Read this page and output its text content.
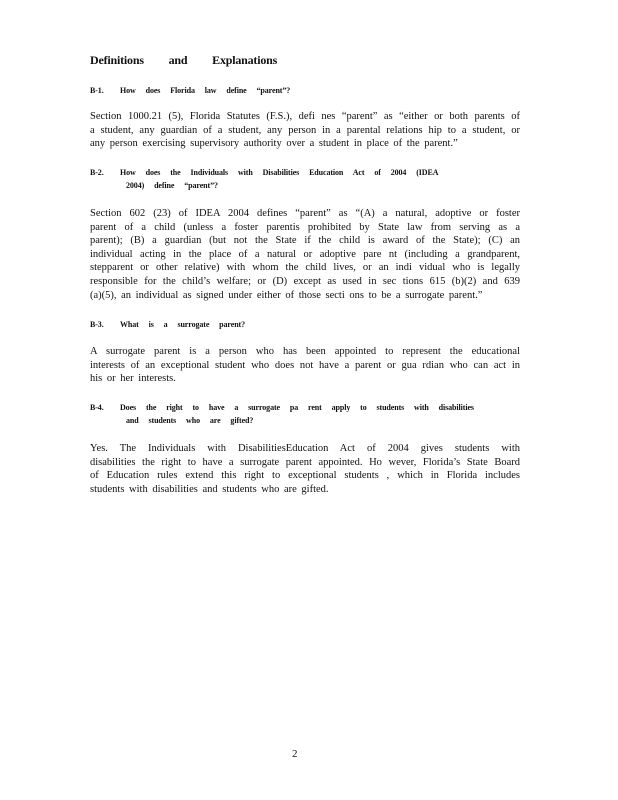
Definitions and Explanations
B-1. How does Florida law define “parent”?
Section 1000.21 (5), Florida Statutes (F.S.), defi nes “parent” as “either or both parents of
a student, any guardian of a student, any person in a parental relations hip to a student, or
any person exercising supervisory authority over a student in place of the parent.”
B-2. How does the Individuals with Disabilities Education Act of 2004 (IDEA
2004) define “parent”?
Section 602 (23) of IDEA 2004 defines “parent” as “(A) a natural, adoptive or foster
parent of a child (unless a foster parentis prohibited by State law from serving as a
parent); (B) a guardian (but not the State if the child is award of the State); (C) an
individual acting in the place of a natural or adoptive pare nt (including a grandparent,
stepparent or other relative) with whom the child lives, or an indi vidual who is legally
responsible for the child’s welfare; or (D) except as used in sec tions 615 (b)(2) and 639
(a)(5), an individual as signed under either of those secti ons to be a surrogate parent.”
B-3. What is a surrogate parent?
A surrogate parent is a person who has been appointed to represent the educational
interests of an exceptional student who does not have a parent or gua rdian who can act in
his or her interests.
B-4. Does the right to have a surrogate pa rent apply to students with disabilities
and students who are gifted?
Yes. The Individuals with DisabilitiesEducation Act of 2004 gives students with
disabilities the right to have a surrogate parent appointed. Ho wever, Florida’s State Board
of Education rules extend this right to exceptional students , which in Florida includes
students with disabilities and students who are gifted.
2
